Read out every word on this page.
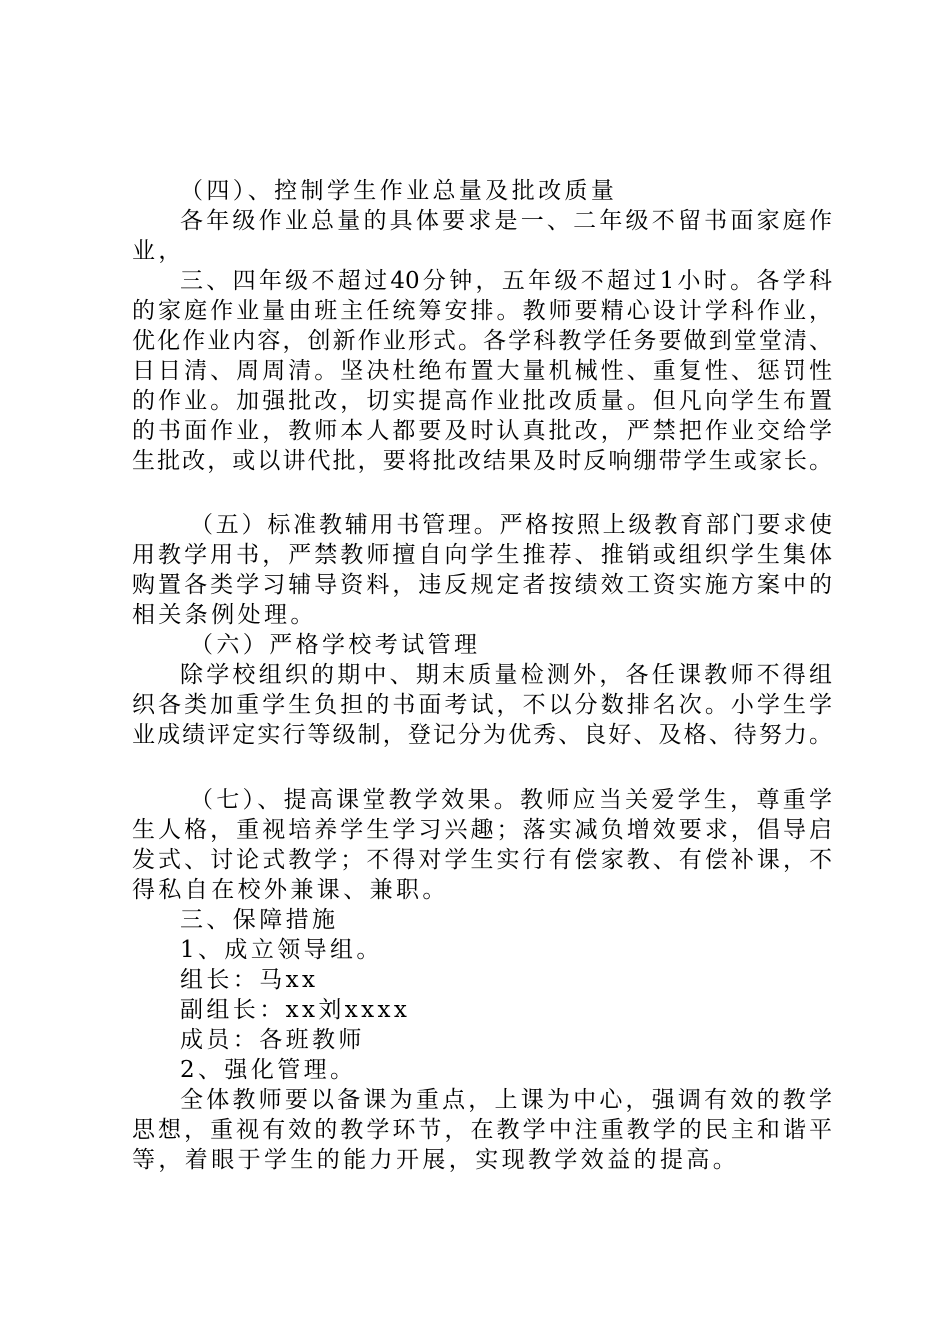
（四）、控制学生作业总量及批改质量
各年级作业总量的具体要求是一、二年级不留书面家庭作
业，
三、四年级不超过40分钟，五年级不超过1小时。各学科
的家庭作业量由班主任统筹安排。教师要精心设计学科作业，
优化作业内容，创新作业形式。各学科教学任务要做到堂堂清、
日日清、周周清。坚决杜绝布置大量机械性、重复性、惩罚性
的作业。加强批改，切实提高作业批改质量。但凡向学生布置
的书面作业，教师本人都要及时认真批改，严禁把作业交给学
生批改，或以讲代批，要将批改结果及时反响绷带学生或家长。
（五）标准教辅用书管理。严格按照上级教育部门要求使
用教学用书，严禁教师擅自向学生推荐、推销或组织学生集体
购置各类学习辅导资料，违反规定者按绩效工资实施方案中的
相关条例处理。
（六）严格学校考试管理
除学校组织的期中、期末质量检测外，各任课教师不得组
织各类加重学生负担的书面考试，不以分数排名次。小学生学
业成绩评定实行等级制，登记分为优秀、良好、及格、待努力。
（七）、提高课堂教学效果。教师应当关爱学生，尊重学
生人格，重视培养学生学习兴趣；落实减负增效要求，倡导启
发式、讨论式教学；不得对学生实行有偿家教、有偿补课，不
得私自在校外兼课、兼职。
三、保障措施
1、成立领导组。
组长：马xx
副组长：xx刘xxxx
成员：各班教师
2、强化管理。
全体教师要以备课为重点，上课为中心，强调有效的教学
思想，重视有效的教学环节，在教学中注重教学的民主和谐平
等，着眼于学生的能力开展，实现教学效益的提高。
